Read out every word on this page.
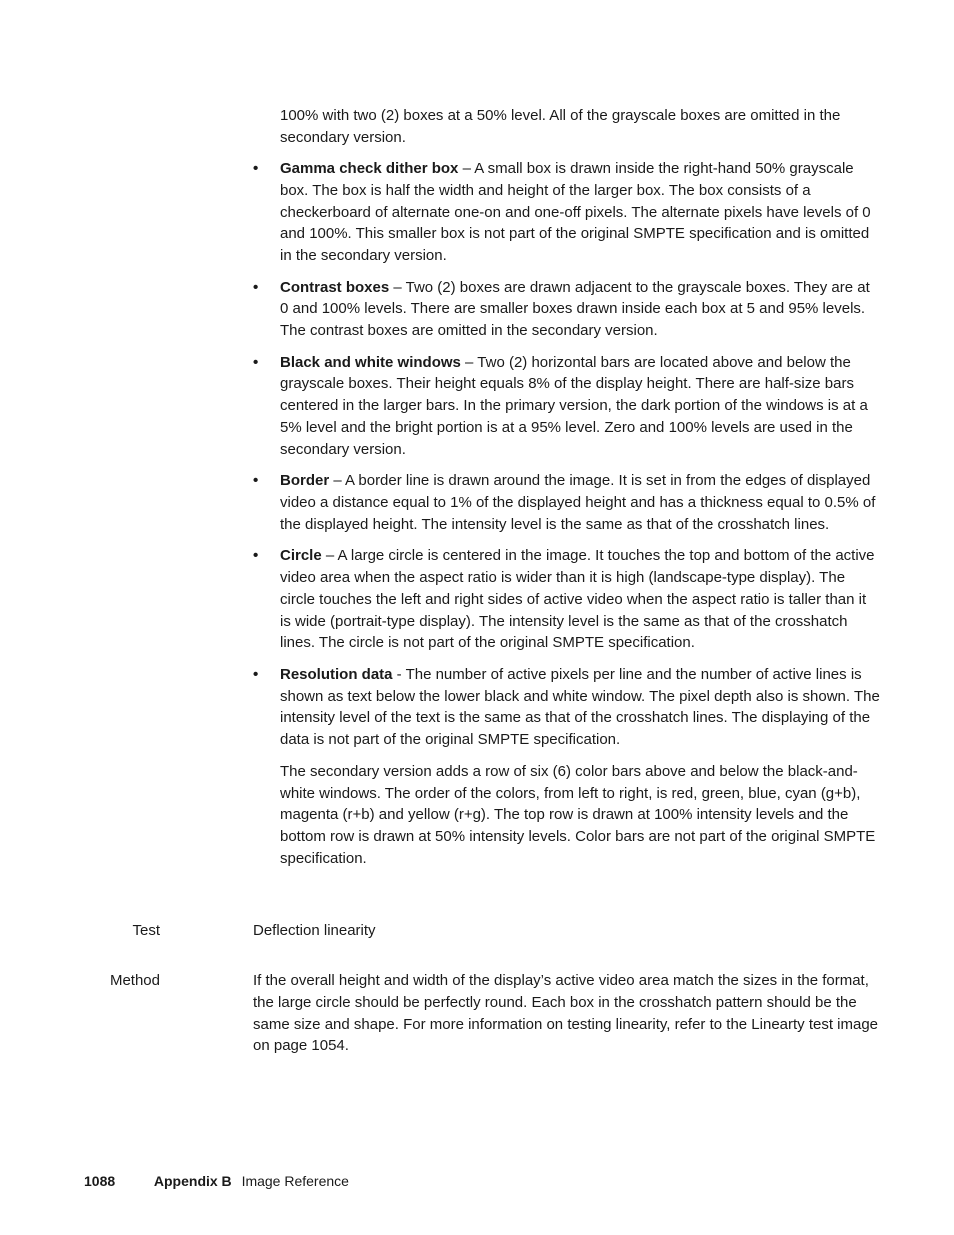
100% with two (2) boxes at a 50% level. All of the grayscale boxes are omitted in the secondary version.

• Gamma check dither box – A small box is drawn inside the right-hand 50% grayscale box. The box is half the width and height of the larger box. The box consists of a checkerboard of alternate one-on and one-off pixels. The alternate pixels have levels of 0 and 100%. This smaller box is not part of the original SMPTE specification and is omitted in the secondary version.

• Contrast boxes – Two (2) boxes are drawn adjacent to the grayscale boxes. They are at 0 and 100% levels. There are smaller boxes drawn inside each box at 5 and 95% levels. The contrast boxes are omitted in the secondary version.

• Black and white windows – Two (2) horizontal bars are located above and below the grayscale boxes. Their height equals 8% of the display height. There are half-size bars centered in the larger bars. In the primary version, the dark portion of the windows is at a 5% level and the bright portion is at a 95% level. Zero and 100% levels are used in the secondary version.

• Border – A border line is drawn around the image. It is set in from the edges of displayed video a distance equal to 1% of the displayed height and has a thickness equal to 0.5% of the displayed height. The intensity level is the same as that of the crosshatch lines.

• Circle – A large circle is centered in the image. It touches the top and bottom of the active video area when the aspect ratio is wider than it is high (landscape-type display). The circle touches the left and right sides of active video when the aspect ratio is taller than it is wide (portrait-type display). The intensity level is the same as that of the crosshatch lines. The circle is not part of the original SMPTE specification.

• Resolution data - The number of active pixels per line and the number of active lines is shown as text below the lower black and white window. The pixel depth also is shown. The intensity level of the text is the same as that of the crosshatch lines. The displaying of the data is not part of the original SMPTE specification.

The secondary version adds a row of six (6) color bars above and below the black-and-white windows. The order of the colors, from left to right, is red, green, blue, cyan (g+b), magenta (r+b) and yellow (r+g). The top row is drawn at 100% intensity levels and the bottom row is drawn at 50% intensity levels. Color bars are not part of the original SMPTE specification.

Test	Deflection linearity

Method	If the overall height and width of the display’s active video area match the sizes in the format, the large circle should be perfectly round. Each box in the crosshatch pattern should be the same size and shape. For more information on testing linearity, refer to the Linearty test image on page 1054.

1088	Appendix B Image Reference
